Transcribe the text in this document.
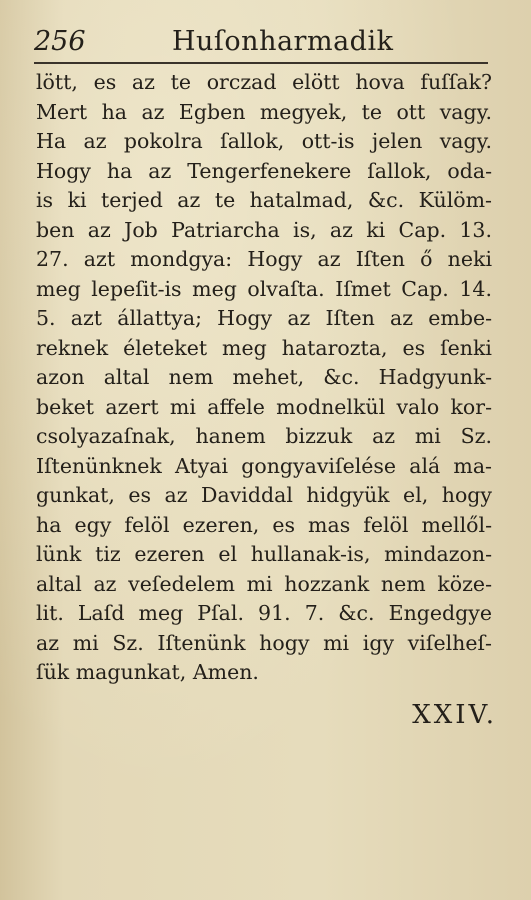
256	Huſonharmadik
lött, es az te orczad elött hova fuſſak?
Mert ha az Egben megyek, te ott vagy.
Ha az pokolra ſallok, ott-is jelen vagy.
Hogy ha az Tengerfenekere ſallok, oda-
is ki terjed az te hatalmad, &c. Külöm-
ben az Job Patriarcha is, az ki Cap. 13.
27. azt mondgya: Hogy az Iſten ő neki
meg lepeſit-is meg olvaſta. Iſmet Cap. 14.
5. azt állattya; Hogy az Iſten az embe-
reknek életeket meg hatarozta, es ſenki
azon altal nem mehet, &c. Hadgyunk-
beket azert mi affele modnelkül valo kor-
csolyazaſnak, hanem bizzuk az mi Sz.
Iſtenünknek Atyai gongyaviſelése alá ma-
gunkat, es az Daviddal hidgyük el, hogy
ha egy felöl ezeren, es mas felöl mellől-
lünk tiz ezeren el hullanak-is, mindazon-
altal az veſedelem mi hozzank nem köze-
lit. Laſd meg Pſal. 91. 7. &c. Engedgye
az mi Sz. Iſtenünk hogy mi igy viſelheſ-
ſük magunkat, Amen.
XXIV.
